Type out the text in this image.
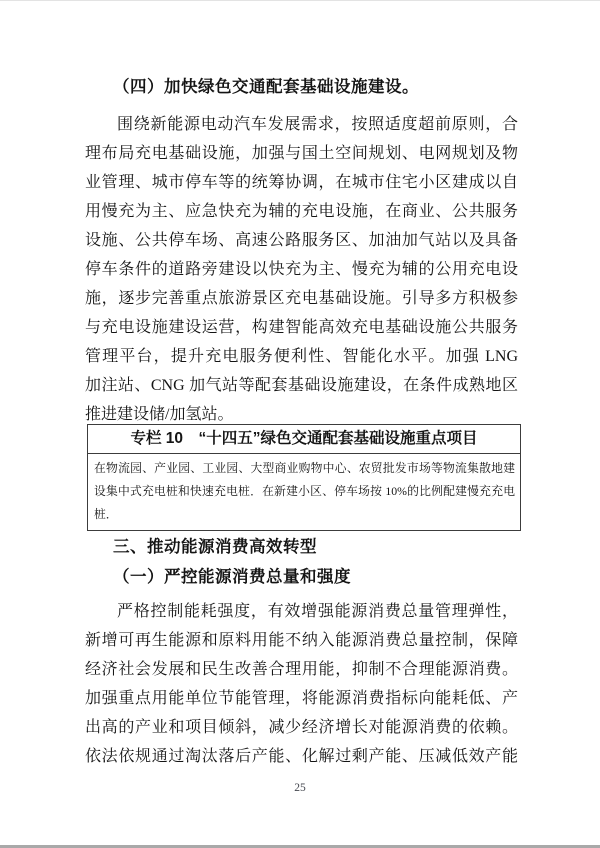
（四）加快绿色交通配套基础设施建设。
围绕新能源电动汽车发展需求，按照适度超前原则，合
理布局充电基础设施，加强与国土空间规划、电网规划及物
业管理、城市停车等的统筹协调，在城市住宅小区建成以自
用慢充为主、应急快充为辅的充电设施，在商业、公共服务
设施、公共停车场、高速公路服务区、加油加气站以及具备
停车条件的道路旁建设以快充为主、慢充为辅的公用充电设
施，逐步完善重点旅游景区充电基础设施。引导多方积极参
与充电设施建设运营，构建智能高效充电基础设施公共服务
管理平台，提升充电服务便利性、智能化水平。加强 LNG
加注站、CNG 加气站等配套基础设施建设，在条件成熟地区
推进建设储/加氢站。
专栏 10　“十四五”绿色交通配套基础设施重点项目
在物流园、产业园、工业园、大型商业购物中心、农贸批发市场等物流集散地建
设集中式充电桩和快速充电桩．在新建小区、停车场按 10%的比例配建慢充充电
桩．
三、推动能源消费高效转型
（一）严控能源消费总量和强度
严格控制能耗强度，有效增强能源消费总量管理弹性，
新增可再生能源和原料用能不纳入能源消费总量控制，保障
经济社会发展和民生改善合理用能，抑制不合理能源消费。
加强重点用能单位节能管理，将能源消费指标向能耗低、产
出高的产业和项目倾斜，减少经济增长对能源消费的依赖。
依法依规通过淘汰落后产能、化解过剩产能、压减低效产能
25
